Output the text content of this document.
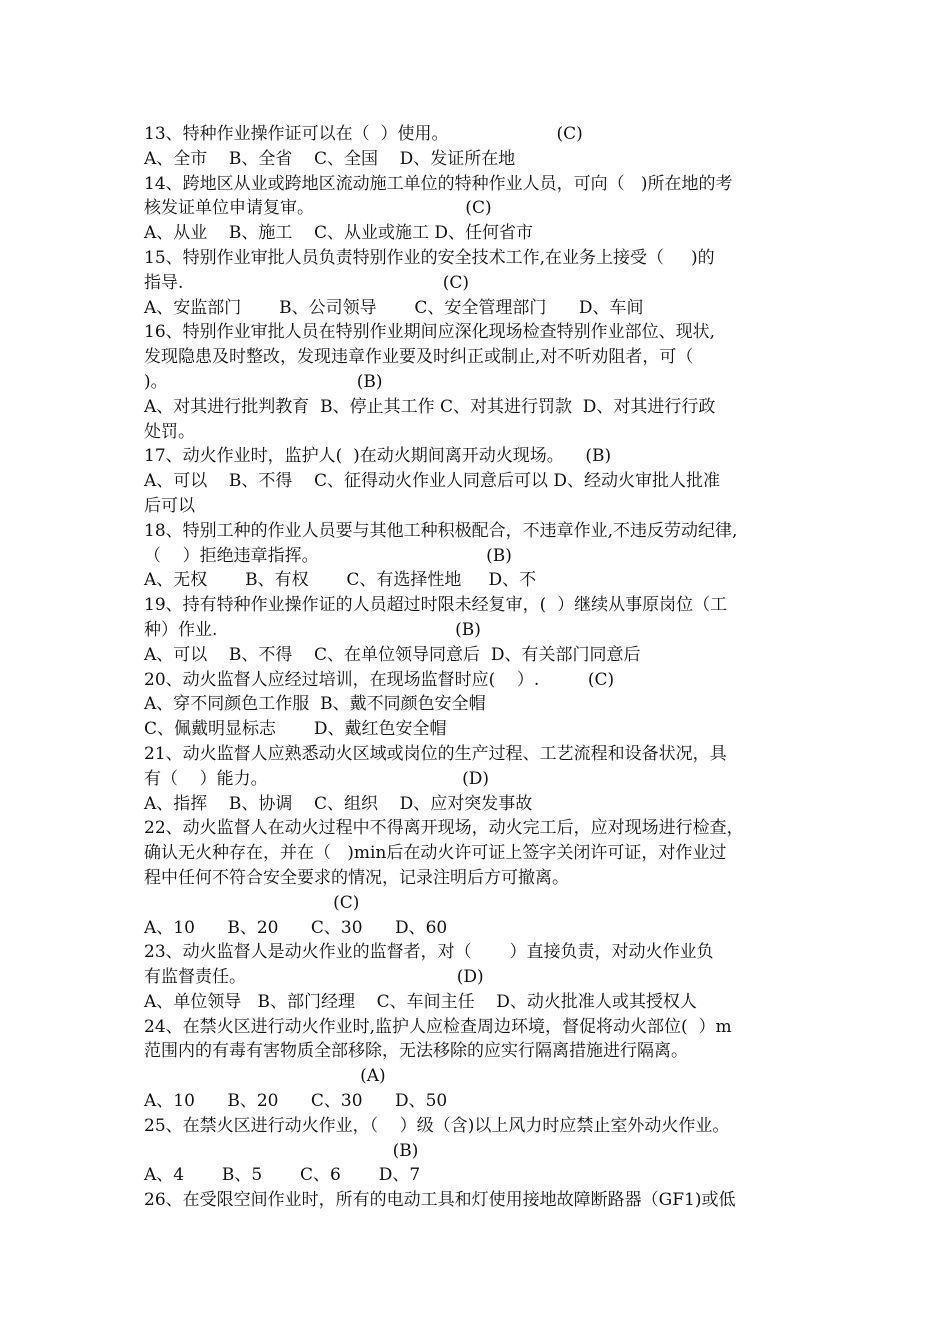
13、特种作业操作证可以在（  ）使用。                    (C)
A、全市    B、全省    C、全国    D、发证所在地
14、跨地区从业或跨地区流动施工单位的特种作业人员，可向（   )所在地的考
核发证单位申请复审。                            (C)
A、从业    B、施工    C、从业或施工 D、任何省市
15、特别作业审批人员负责特别作业的安全技术工作,在业务上接受（     )的
指导.                                                (C)
A、安监部门       B、公司领导       C、安全管理部门      D、车间
16、特别作业审批人员在特别作业期间应深化现场检查特别作业部位、现状,
发现隐患及时整改，发现违章作业要及时纠正或制止,对不听劝阻者，可（
)。                                   (B)
A、对其进行批判教育  B、停止其工作 C、对其进行罚款  D、对其进行行政
处罚。
17、动火作业时，监护人(  )在动火期间离开动火现场。    (B)
A、可以    B、不得    C、征得动火作业人同意后可以 D、经动火审批人批准
后可以
18、特别工种的作业人员要与其他工种积极配合，不违章作业,不违反劳动纪律,
（    ）拒绝违章指挥。                               (B)
A、无权       B、有权       C、有选择性地     D、不
19、持有特种作业操作证的人员超过时限未经复审，(  ）继续从事原岗位（工
种）作业.                                            (B)
A、可以    B、不得    C、在单位领导同意后  D、有关部门同意后
20、动火监督人应经过培训，在现场监督时应(    ）.         (C)
A、穿不同颜色工作服  B、戴不同颜色安全帽
C、佩戴明显标志       D、戴红色安全帽
21、动火监督人应熟悉动火区域或岗位的生产过程、工艺流程和设备状况，具
有（    ）能力。                                    (D)
A、指挥    B、协调    C、组织    D、应对突发事故
22、动火监督人在动火过程中不得离开现场，动火完工后，应对现场进行检查，
确认无火种存在，并在（   )min后在动火许可证上签字关闭许可证，对作业过
程中任何不符合安全要求的情况，记录注明后方可撤离。
(C)
A、10      B、20      C、30      D、60
23、动火监督人是动火作业的监督者，对（       ）直接负责，对动火作业负
有监督责任。                                       (D)
A、单位领导   B、部门经理    C、车间主任    D、动火批准人或其授权人
24、在禁火区进行动火作业时,监护人应检查周边环境，督促将动火部位(  ）m
范围内的有毒有害物质全部移除，无法移除的应实行隔离措施进行隔离。
(A)
A、10      B、20      C、30      D、50
25、在禁火区进行动火作业，（    ）级（含)以上风力时应禁止室外动火作业。
(B)
A、4       B、5       C、6       D、7
26、在受限空间作业时，所有的电动工具和灯使用接地故障断路器（GF1)或低
